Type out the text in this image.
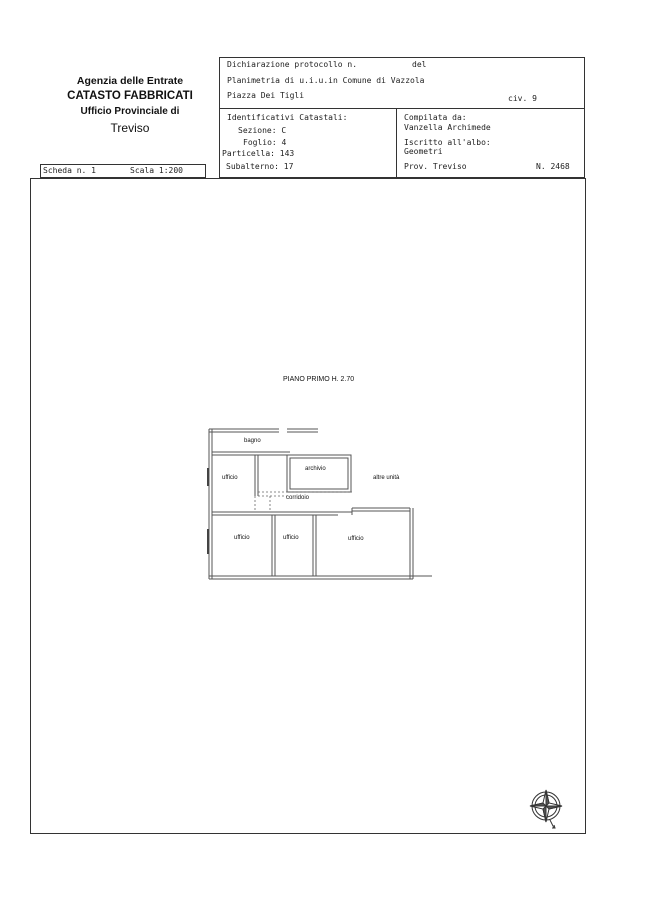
Agenzia delle Entrate
CATASTO FABBRICATI
Ufficio Provinciale di
Treviso
Dichiarazione protocollo n.	del
Planimetria di u.i.u.in Comune di Vazzola
Piazza Dei Tigli	civ. 9
Identificativi Catastali:
Sezione: C
Foglio: 4
Particella: 143
Subalterno: 17
Compilata da:
Vanzella Archimede
Iscritto all'albo:
Geometri
Prov. Treviso	N. 2468
Scheda n. 1	Scala 1:200
PIANO PRIMO H. 2.70
bagno
archivio
altre unità
ufficio
corridoio
ufficio	ufficio	ufficio
